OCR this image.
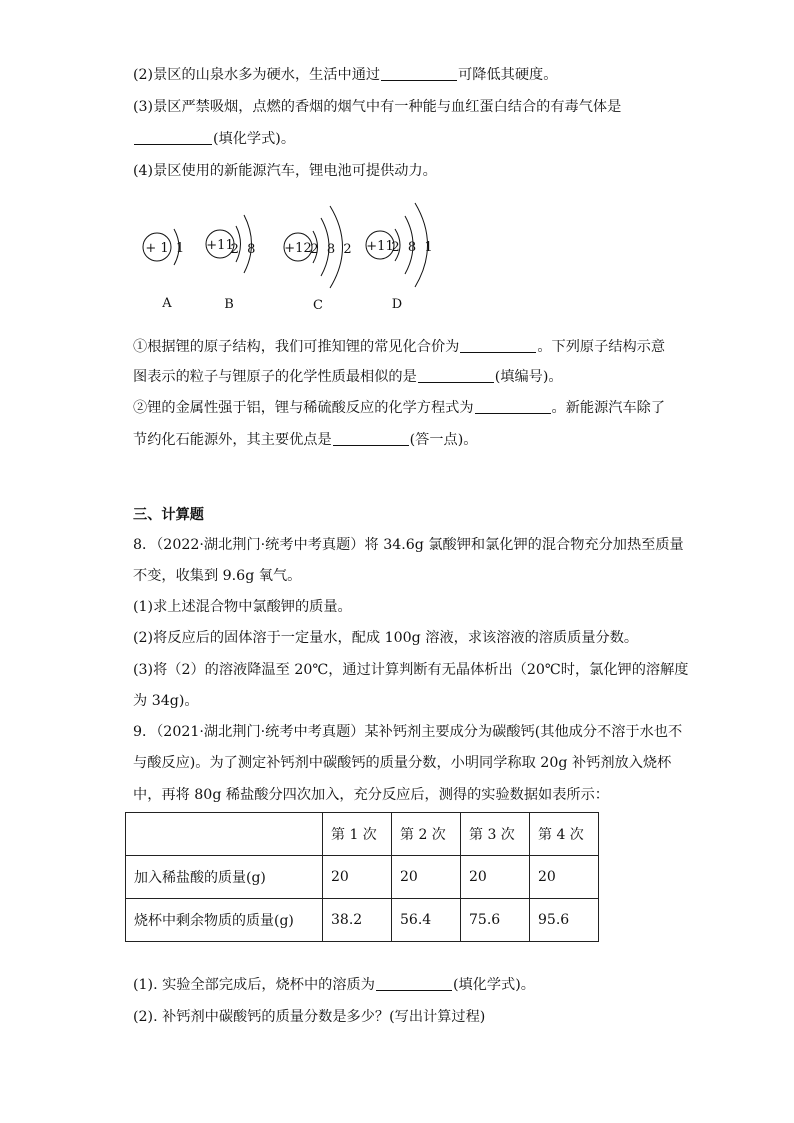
(2)景区的山泉水多为硬水，生活中通过	可降低其硬度。
(3)景区严禁吸烟，点燃的香烟的烟气中有一种能与血红蛋白结合的有毒气体是
(填化学式)。
(4)景区使用的新能源汽车，锂电池可提供动力。
+ 1 1
A
+11
2  8
B
+12
2  8  2
C
+11
2  8  1
D
①根据锂的原子结构，我们可推知锂的常见化合价为	。下列原子结构示意
图表示的粒子与锂原子的化学性质最相似的是	(填编号)。
②锂的金属性强于铝，锂与稀硫酸反应的化学方程式为	。新能源汽车除了
节约化石能源外，其主要优点是	(答一点)。
三、计算题
8．（2022·湖北荆门·统考中考真题）将 34.6g 氯酸钾和氯化钾的混合物充分加热至质量
不变，收集到 9.6g 氧气。
(1)求上述混合物中氯酸钾的质量。
(2)将反应后的固体溶于一定量水，配成 100g 溶液，求该溶液的溶质质量分数。
(3)将（2）的溶液降温至 20℃，通过计算判断有无晶体析出（20℃时，氯化钾的溶解度
为 34g)。
9．（2021·湖北荆门·统考中考真题）某补钙剂主要成分为碳酸钙(其他成分不溶于水也不
与酸反应)。为了测定补钙剂中碳酸钙的质量分数，小明同学称取 20g 补钙剂放入烧杯
中，再将 80g 稀盐酸分四次加入，充分反应后，测得的实验数据如表所示：
	第 1 次	第 2 次	第 3 次	第 4 次
加入稀盐酸的质量(g)	20	20	20	20
烧杯中剩余物质的质量(g)	38.2	56.4	75.6	95.6
(1). 实验全部完成后，烧杯中的溶质为	(填化学式)。
(2). 补钙剂中碳酸钙的质量分数是多少？(写出计算过程)
